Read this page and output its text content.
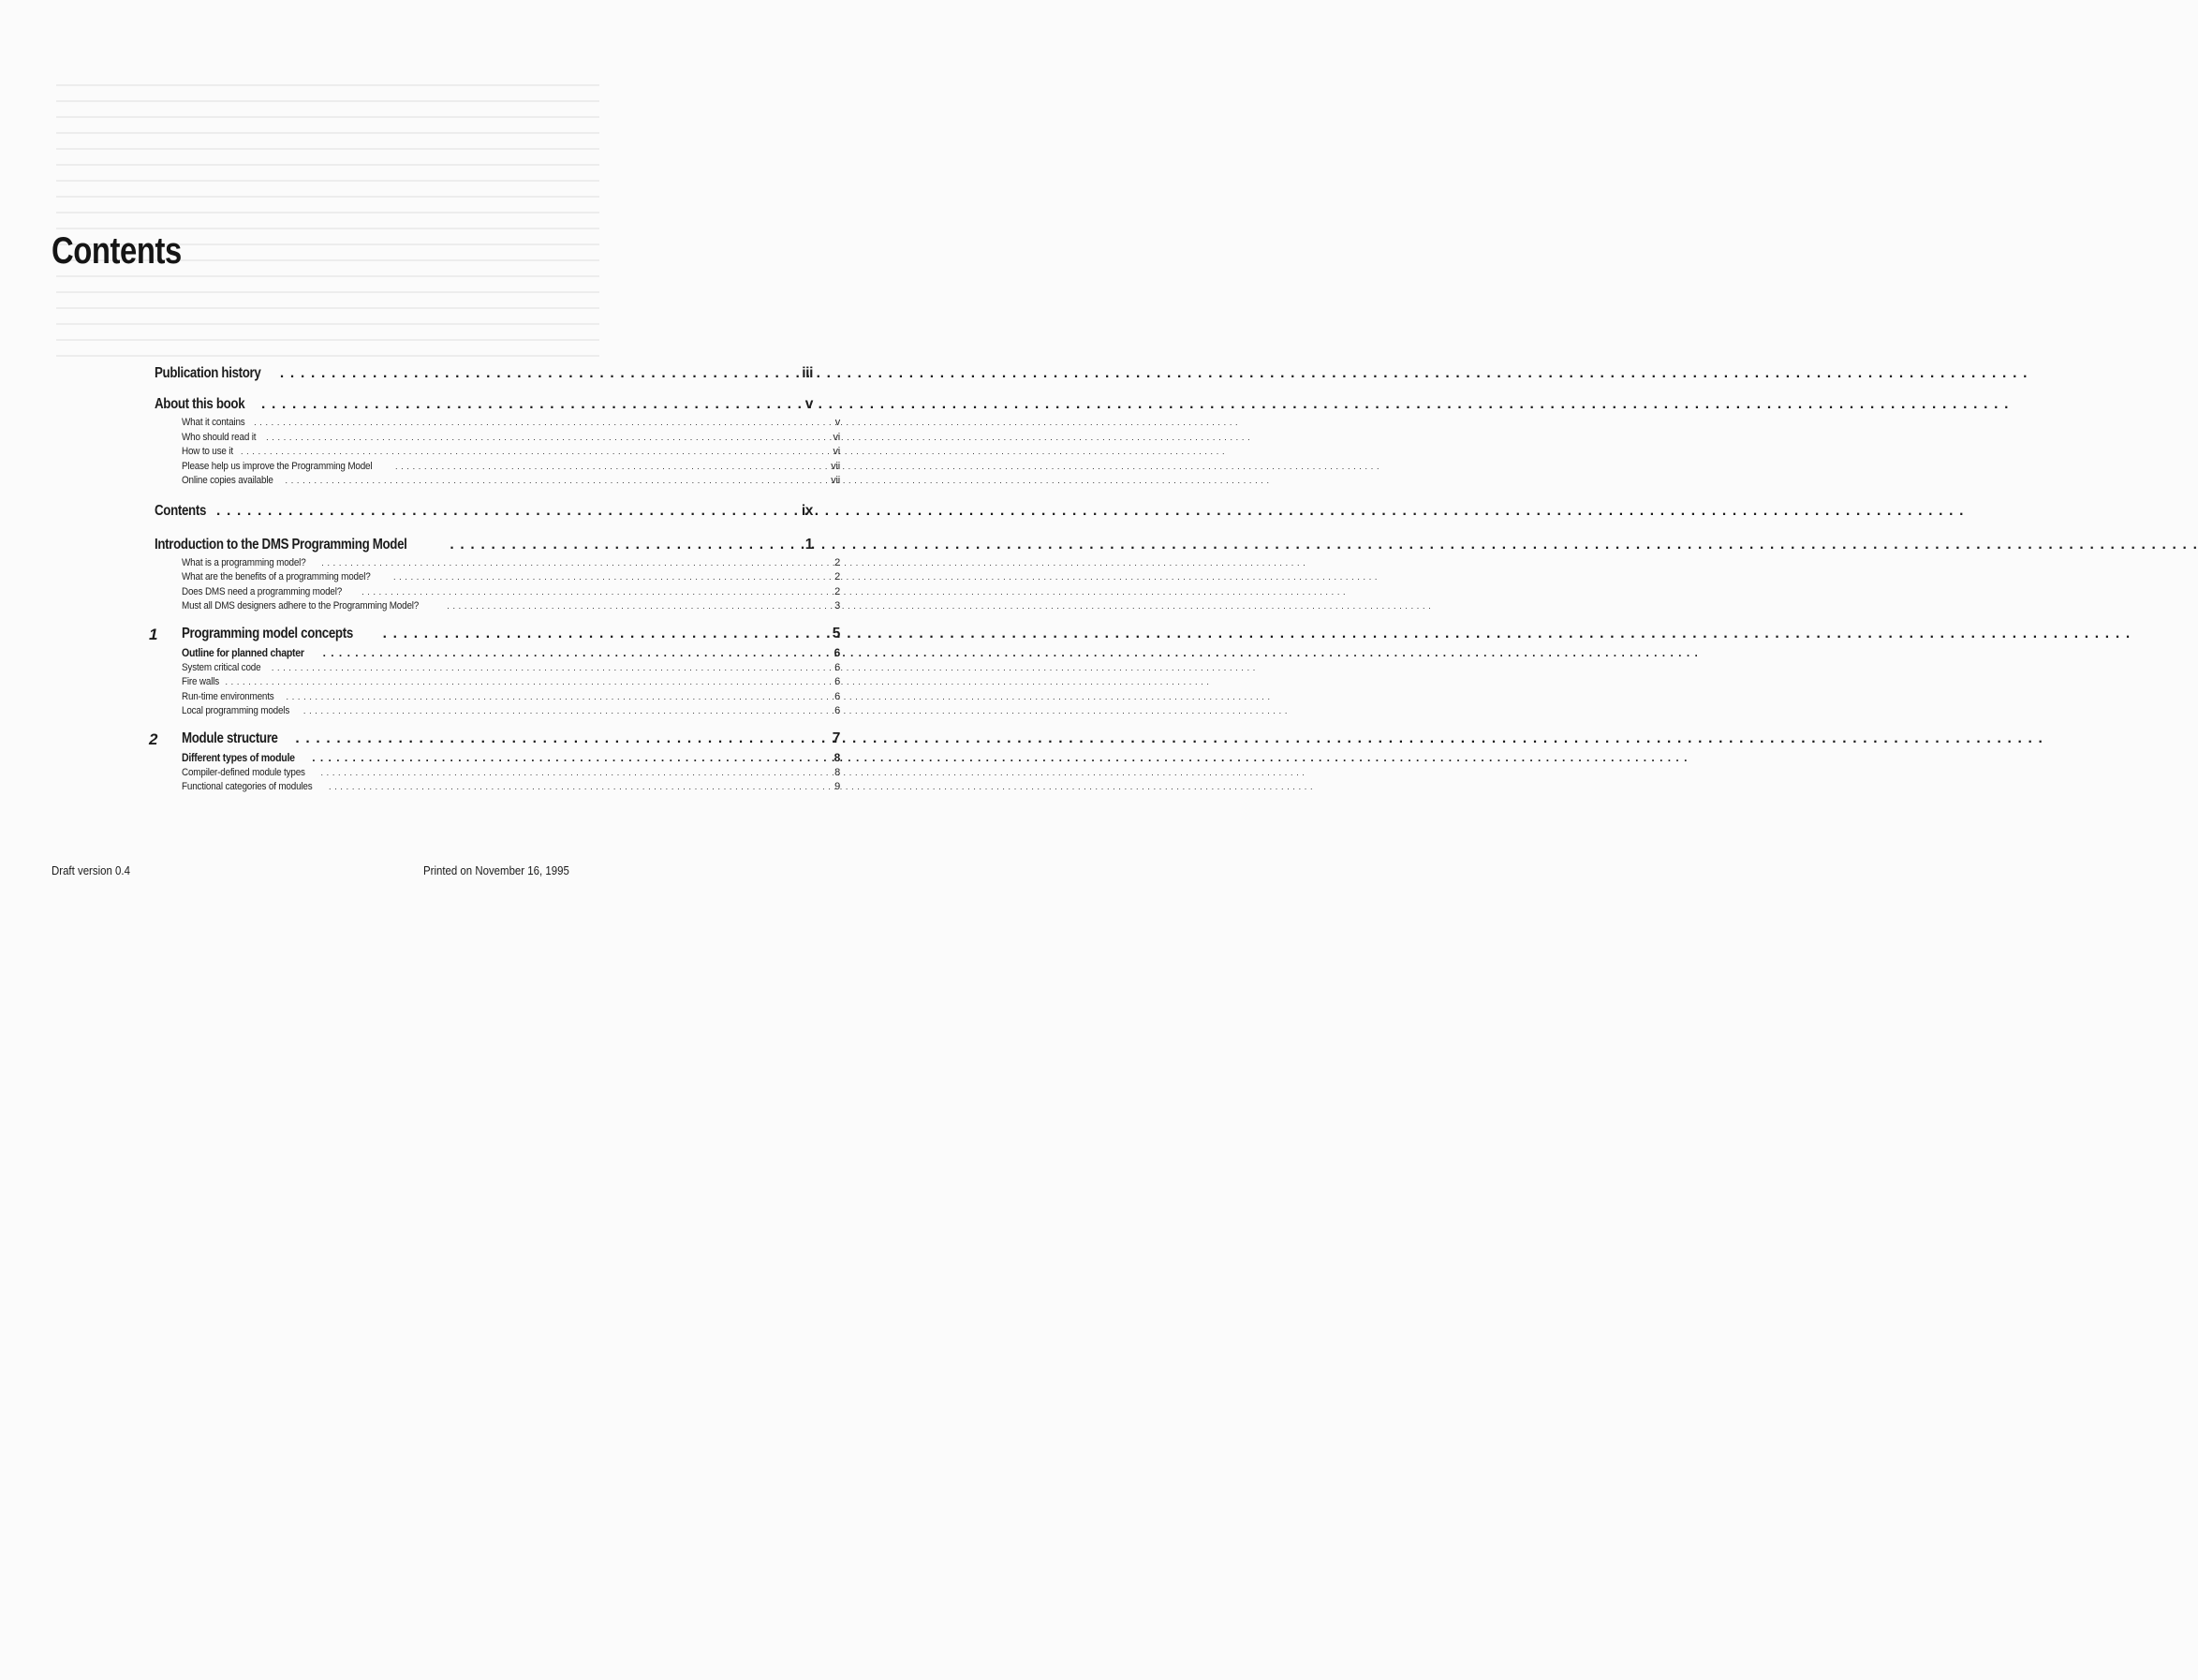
Contents
Publication history . . .	iii
About this book . . .	v
What it contains . . .	v
Who should read it . . .	vi
How to use it . . .	vi
Please help us improve the Programming Model . . .	vii
Online copies available . . .	vii
Contents . . .	ix
Introduction to the DMS Programming Model . . .	1
What is a programming model? . . .	2
What are the benefits of a programming model? . . .	2
Does DMS need a programming model? . . .	2
Must all DMS designers adhere to the Programming Model? . . .	3
1 Programming model concepts . . .	5
Outline for planned chapter . . .	6
System critical code . . .	6
Fire walls . . .	6
Run-time environments . . .	6
Local programming models . . .	6
2 Module structure . . .	7
Different types of module . . .	8
Compiler-defined module types . . .	8
Functional categories of modules . . .	9
Draft version 0.4	Printed on November 16, 1995
